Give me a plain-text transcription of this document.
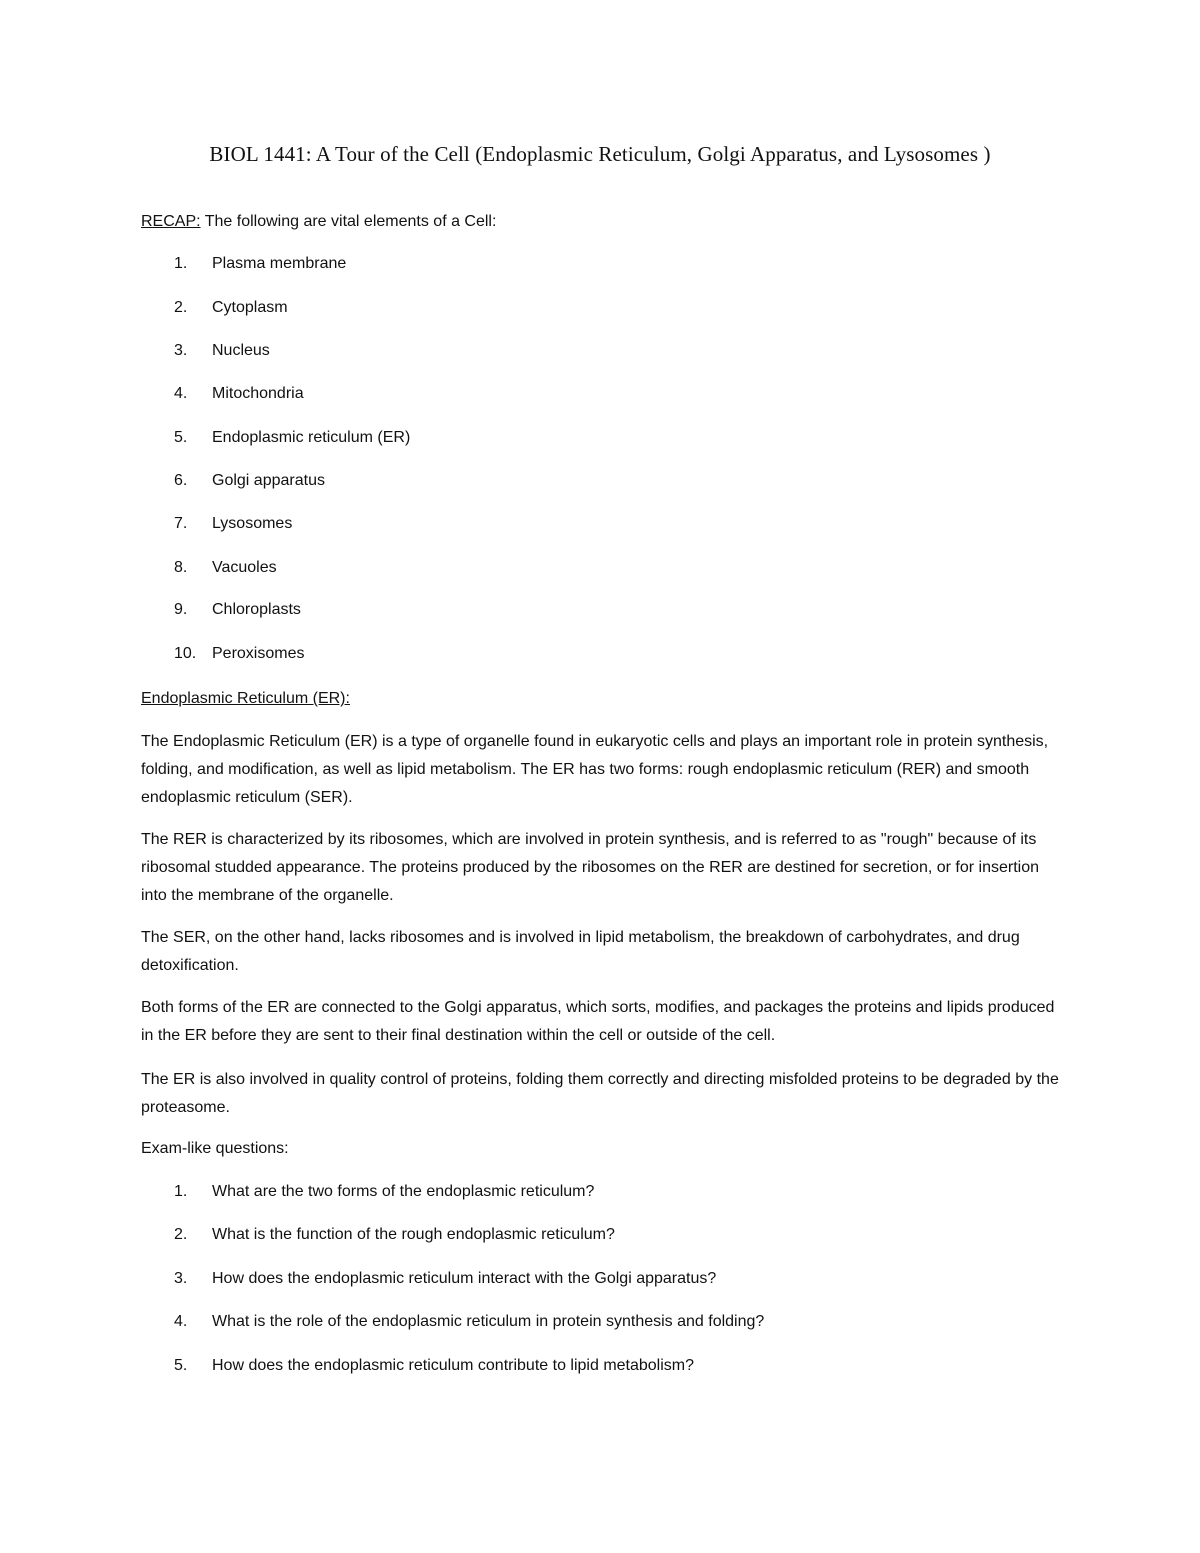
BIOL 1441: A Tour of the Cell (Endoplasmic Reticulum, Golgi Apparatus, and Lysosomes )
RECAP: The following are vital elements of a Cell:
1.	Plasma membrane
2.	Cytoplasm
3.	Nucleus
4.	Mitochondria
5.	Endoplasmic reticulum (ER)
6.	Golgi apparatus
7.	Lysosomes
8.	Vacuoles
9.	Chloroplasts
10. Peroxisomes
Endoplasmic Reticulum (ER):

The Endoplasmic Reticulum (ER) is a type of organelle found in eukaryotic cells and plays an important role in protein synthesis, folding, and modification, as well as lipid metabolism. The ER has two forms: rough endoplasmic reticulum (RER) and smooth endoplasmic reticulum (SER).

The RER is characterized by its ribosomes, which are involved in protein synthesis, and is referred to as "rough" because of its ribosomal studded appearance. The proteins produced by the ribosomes on the RER are destined for secretion, or for insertion into the membrane of the organelle.

The SER, on the other hand, lacks ribosomes and is involved in lipid metabolism, the breakdown of carbohydrates, and drug detoxification.

Both forms of the ER are connected to the Golgi apparatus, which sorts, modifies, and packages the proteins and lipids produced in the ER before they are sent to their final destination within the cell or outside of the cell.

The ER is also involved in quality control of proteins, folding them correctly and directing misfolded proteins to be degraded by the proteasome.

Exam-like questions:
1.	What are the two forms of the endoplasmic reticulum?
2.	What is the function of the rough endoplasmic reticulum?
3.	How does the endoplasmic reticulum interact with the Golgi apparatus?
4.	What is the role of the endoplasmic reticulum in protein synthesis and folding?
5.	How does the endoplasmic reticulum contribute to lipid metabolism?
